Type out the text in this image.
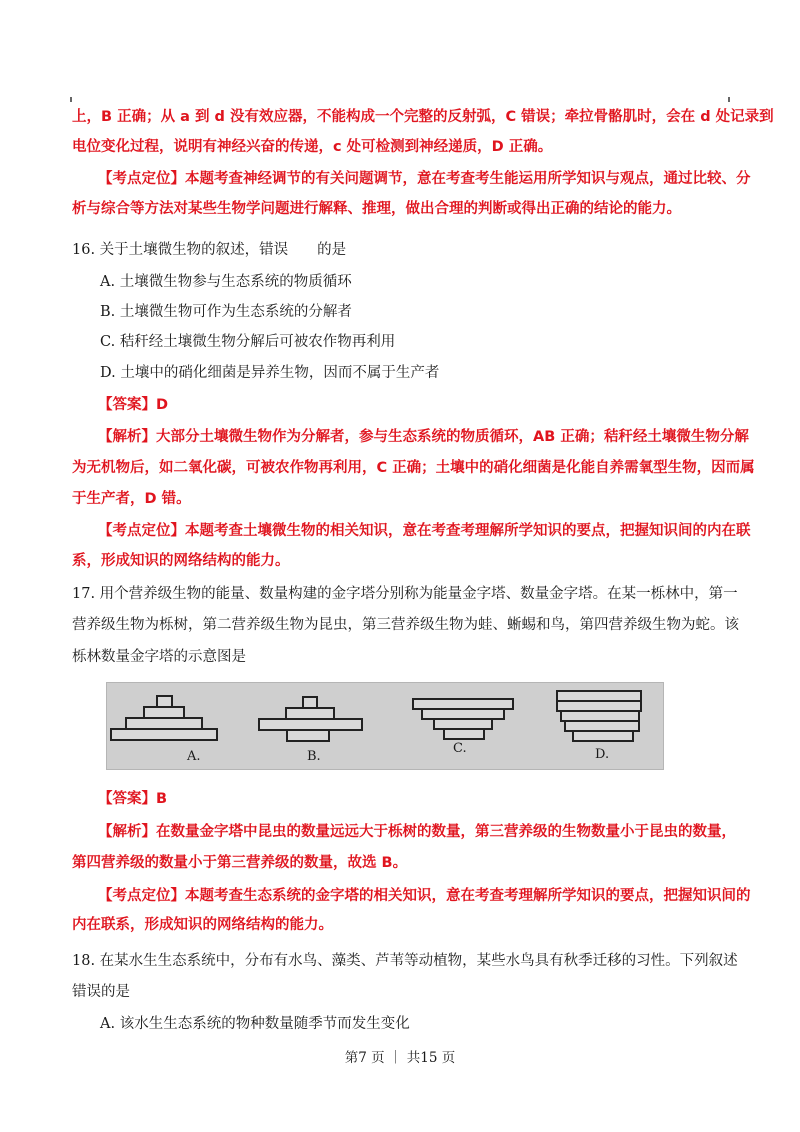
上，B 正确；从 a 到 d 没有效应器，不能构成一个完整的反射弧，C 错误；牵拉骨骼肌时，会在 d 处记录到
电位变化过程，说明有神经兴奋的传递，c 处可检测到神经递质，D 正确。
【考点定位】本题考查神经调节的有关问题调节，意在考查考生能运用所学知识与观点，通过比较、分
析与综合等方法对某些生物学问题进行解释、推理，做出合理的判断或得出正确的结论的能力。
16. 关于土壤微生物的叙述，错误　　的是
A. 土壤微生物参与生态系统的物质循环
B. 土壤微生物可作为生态系统的分解者
C. 秸秆经土壤微生物分解后可被农作物再利用
D. 土壤中的硝化细菌是异养生物，因而不属于生产者
【答案】D
【解析】大部分土壤微生物作为分解者，参与生态系统的物质循环，AB 正确；秸秆经土壤微生物分解
为无机物后，如二氧化碳，可被农作物再利用，C 正确；土壤中的硝化细菌是化能自养需氧型生物，因而属
于生产者，D 错。
【考点定位】本题考查土壤微生物的相关知识，意在考查考理解所学知识的要点，把握知识间的内在联
系，形成知识的网络结构的能力。
17. 用个营养级生物的能量、数量构建的金字塔分别称为能量金字塔、数量金字塔。在某一栎林中，第一
营养级生物为栎树，第二营养级生物为昆虫，第三营养级生物为蛙、蜥蜴和鸟，第四营养级生物为蛇。该
栎林数量金字塔的示意图是
A.	B.
C.	D.
【答案】B
【解析】在数量金字塔中昆虫的数量远远大于栎树的数量，第三营养级的生物数量小于昆虫的数量，
第四营养级的数量小于第三营养级的数量，故选 B。
【考点定位】本题考查生态系统的金字塔的相关知识，意在考查考理解所学知识的要点，把握知识间的
内在联系，形成知识的网络结构的能力。
18. 在某水生生态系统中，分布有水鸟、藻类、芦苇等动植物，某些水鸟具有秋季迁移的习性。下列叙述
错误的是
A. 该水生生态系统的物种数量随季节而发生变化
第7 页 ｜ 共15 页
